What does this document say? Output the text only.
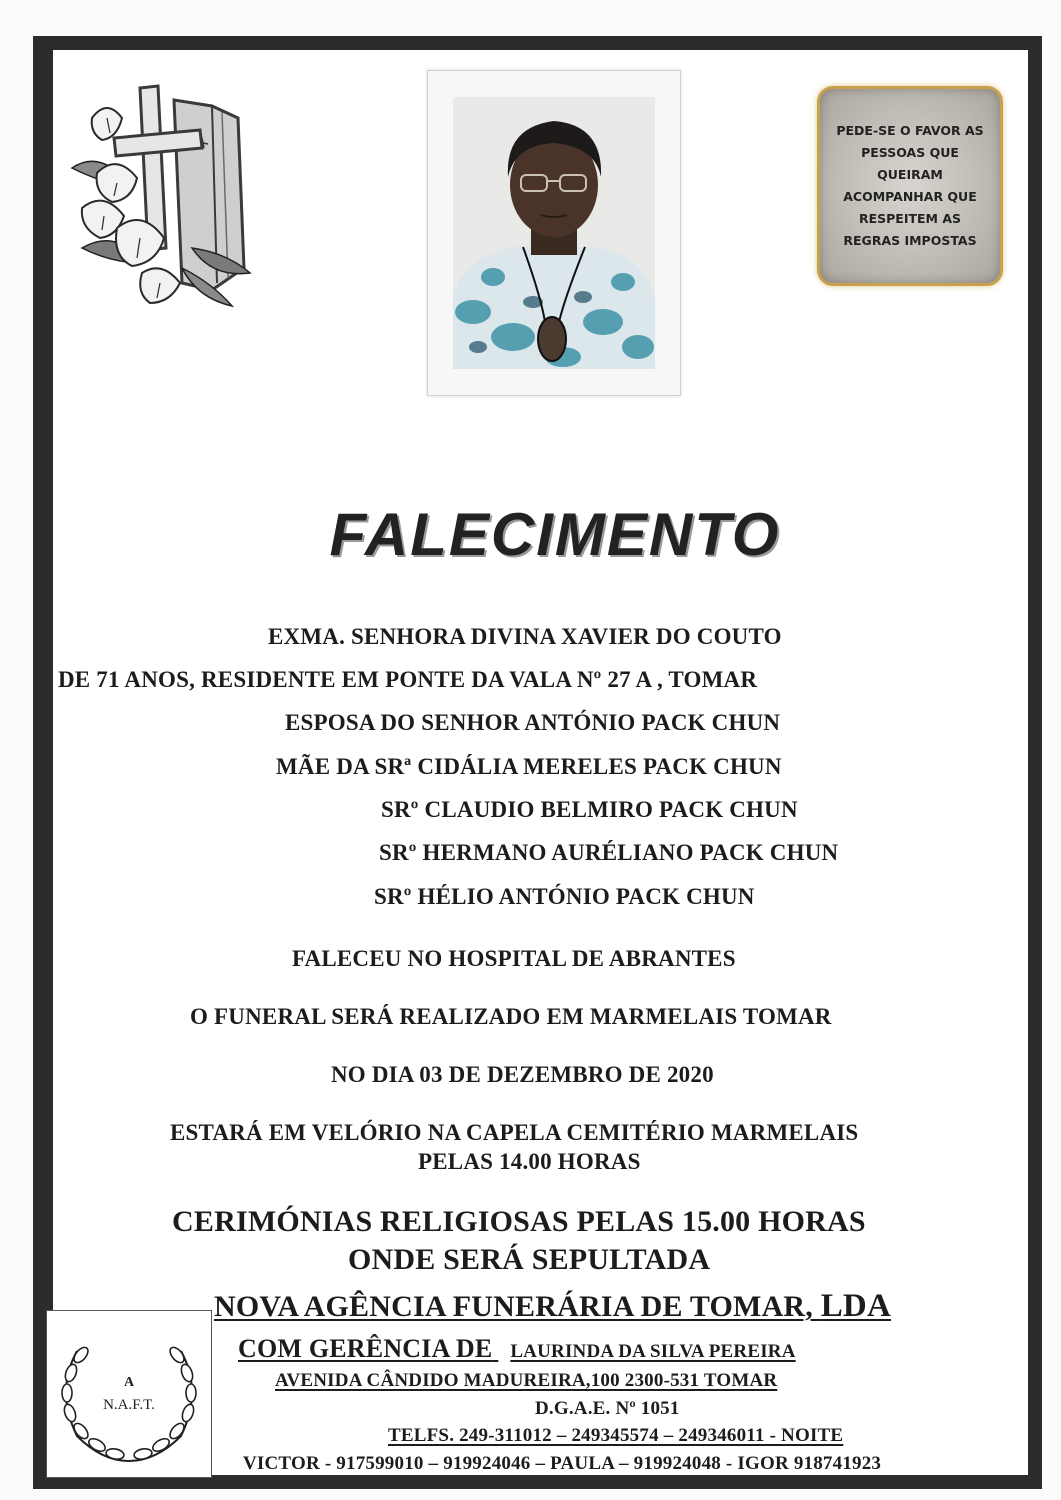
PEDE-SE O FAVOR AS
PESSOAS QUE
QUEIRAM
ACOMPANHAR QUE
RESPEITEM AS
REGRAS IMPOSTAS
FALECIMENTO
EXMA. SENHORA DIVINA XAVIER DO COUTO
DE 71 ANOS, RESIDENTE EM PONTE DA VALA Nº 27 A , TOMAR
ESPOSA DO SENHOR ANTÓNIO PACK CHUN
MÃE DA SRª CIDÁLIA MERELES PACK CHUN
SRº CLAUDIO BELMIRO PACK CHUN
SRº HERMANO AURÉLIANO PACK CHUN
SRº HÉLIO ANTÓNIO PACK CHUN
FALECEU NO HOSPITAL DE ABRANTES
O FUNERAL SERÁ REALIZADO EM MARMELAIS TOMAR
NO DIA 03 DE DEZEMBRO DE 2020
ESTARÁ EM VELÓRIO NA CAPELA CEMITÉRIO MARMELAIS
PELAS 14.00 HORAS
CERIMÓNIAS RELIGIOSAS PELAS 15.00 HORAS
ONDE SERÁ SEPULTADA
NOVA AGÊNCIA FUNERÁRIA DE TOMAR, LDA
COM GERÊNCIA DE LAURINDA DA SILVA PEREIRA
AVENIDA CÂNDIDO MADUREIRA,100 2300-531 TOMAR
D.G.A.E. Nº 1051
TELFS. 249-311012 – 249345574 – 249346011 - NOITE
VICTOR - 917599010 – 919924046 – PAULA – 919924048 - IGOR 918741923
A
N.A.F.T.
